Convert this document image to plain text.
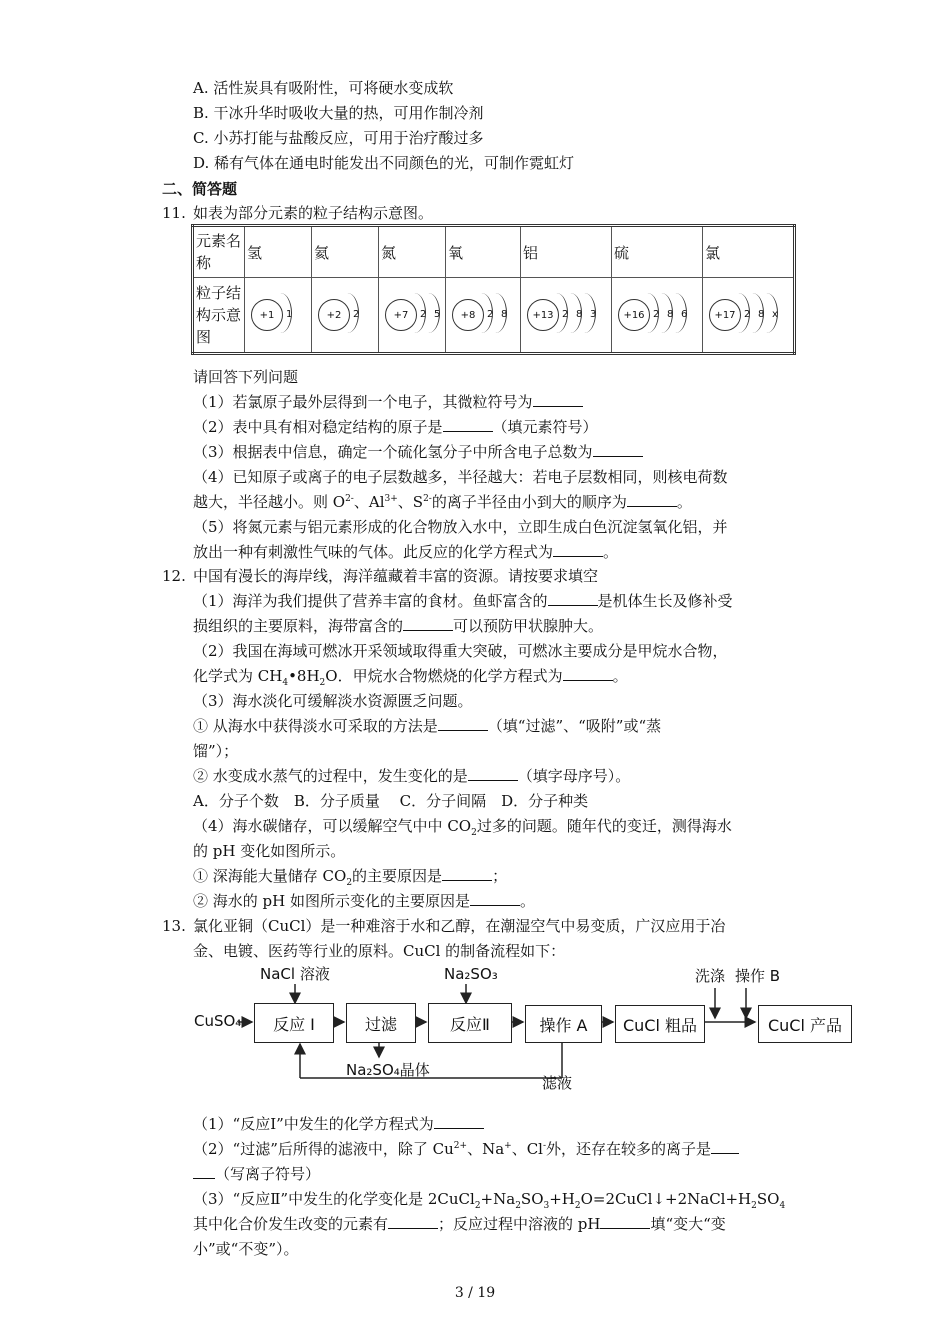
A. 活性炭具有吸附性，可将硬水变成软
B. 干冰升华时吸收大量的热，可用作制冷剂
C. 小苏打能与盐酸反应，可用于治疗酸过多
D. 稀有气体在通电时能发出不同颜色的光，可制作霓虹灯
二、简答题
11. 如表为部分元素的粒子结构示意图。
元素名称	氢	氦	氮	氧	铝	硫	氯
粒子结构示意图	+1 1	+2 2	+7 2 5	+8 2 8	+13 2 8 3	+16 2 8 6	+17 2 8 x
请回答下列问题
（1）若氯原子最外层得到一个电子，其微粒符号为
（2）表中具有相对稳定结构的原子是	（填元素符号）
（3）根据表中信息，确定一个硫化氢分子中所含电子总数为
（4）已知原子或离子的电子层数越多，半径越大：若电子层数相同，则核电荷数
越大，半径越小。则 $O^{2-}$、$Al^{3+}$、$S^{2-}$的离子半径由小到大的顺序为	。
（5）将氮元素与铝元素形成的化合物放入水中，立即生成白色沉淀氢氧化铝，并
放出一种有刺激性气味的气体。此反应的化学方程式为	。
12. 中国有漫长的海岸线，海洋蕴藏着丰富的资源。请按要求填空
（1）海洋为我们提供了营养丰富的食材。鱼虾富含的	是机体生长及修补受
损组织的主要原料，海带富含的	可以预防甲状腺肿大。
（2）我国在海域可燃冰开采领域取得重大突破，可燃冰主要成分是甲烷水合物，
化学式为 $CH_4•8H_2O$．甲烷水合物燃烧的化学方程式为	。
（3）海水淡化可缓解淡水资源匮乏问题。
① 从海水中获得淡水可采取的方法是	（填“过滤”、“吸附”或“蒸
馏”）；
② 水变成水蒸气的过程中，发生变化的是	（填字母序号）。
A．分子个数　B．分子质量　 C．分子间隔　D．分子种类
（4）海水碳储存，可以缓解空气中中 $CO_2$过多的问题。随年代的变迁，测得海水
的 pH 变化如图所示。
① 深海能大量储存 $CO_2$的主要原因是	；
② 海水的 pH 如图所示变化的主要原因是	。
13. 氯化亚铜（CuCl）是一种难溶于水和乙醇，在潮湿空气中易变质，广汉应用于冶
金、电镀、医药等行业的原料。CuCl 的制备流程如下：
CuSO₄
NaCl 溶液	Na₂SO₃	洗涤 操作 B
反应 I	过滤	反应Ⅱ	操作 A	CuCl 粗品	CuCl 产品
Na₂SO₄晶体
滤液
（1）“反应Ⅰ”中发生的化学方程式为
（2）“过滤”后所得的滤液中，除了 $Cu^{2+}$、Na+、Cl-外，还存在较多的离子是
（写离子符号）
（3）“反应Ⅱ”中发生的化学变化是 $2CuCl_2+Na_2SO_3+H_2O=2CuCl↓+2NaCl+H_2SO_4$
其中化合价发生改变的元素有	；反应过程中溶液的 pH	填“变大“变
小”或“不变”）。
3 / 19
